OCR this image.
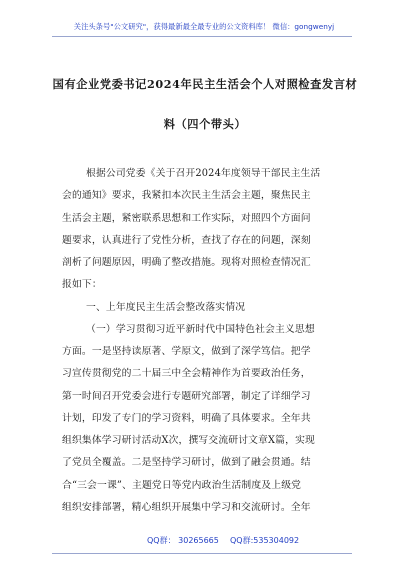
关注头条号"公文研究"，获得最新最全最专业的公文资料库！ 微信：gongwenyj
国有企业党委书记2024年民主生活会个人对照检查发言材
料（四个带头）
根据公司党委《关于召开2024年度领导干部民主生活
会的通知》要求，我紧扣本次民主生活会主题，聚焦民主
生活会主题，紧密联系思想和工作实际，对照四个方面问
题要求，认真进行了党性分析，查找了存在的问题，深刻
剖析了问题原因，明确了整改措施。现将对照检查情况汇
报如下：
一、上年度民主生活会整改落实情况
（一）学习贯彻习近平新时代中国特色社会主义思想
方面。一是坚持读原著、学原文，做到了深学笃信。把学
习宣传贯彻党的二十届三中全会精神作为首要政治任务，
第一时间召开党委会进行专题研究部署，制定了详细学习
计划，印发了专门的学习资料，明确了具体要求。全年共
组织集体学习研讨活动X次，撰写交流研讨文章X篇，实现
了党员全覆盖。二是坚持学习研讨，做到了融会贯通。结
合“三会一课”、主题党日等党内政治生活制度及上级党
组织安排部署，精心组织开展集中学习和交流研讨。全年
QQ群： 30265665 QQ群:535304092
